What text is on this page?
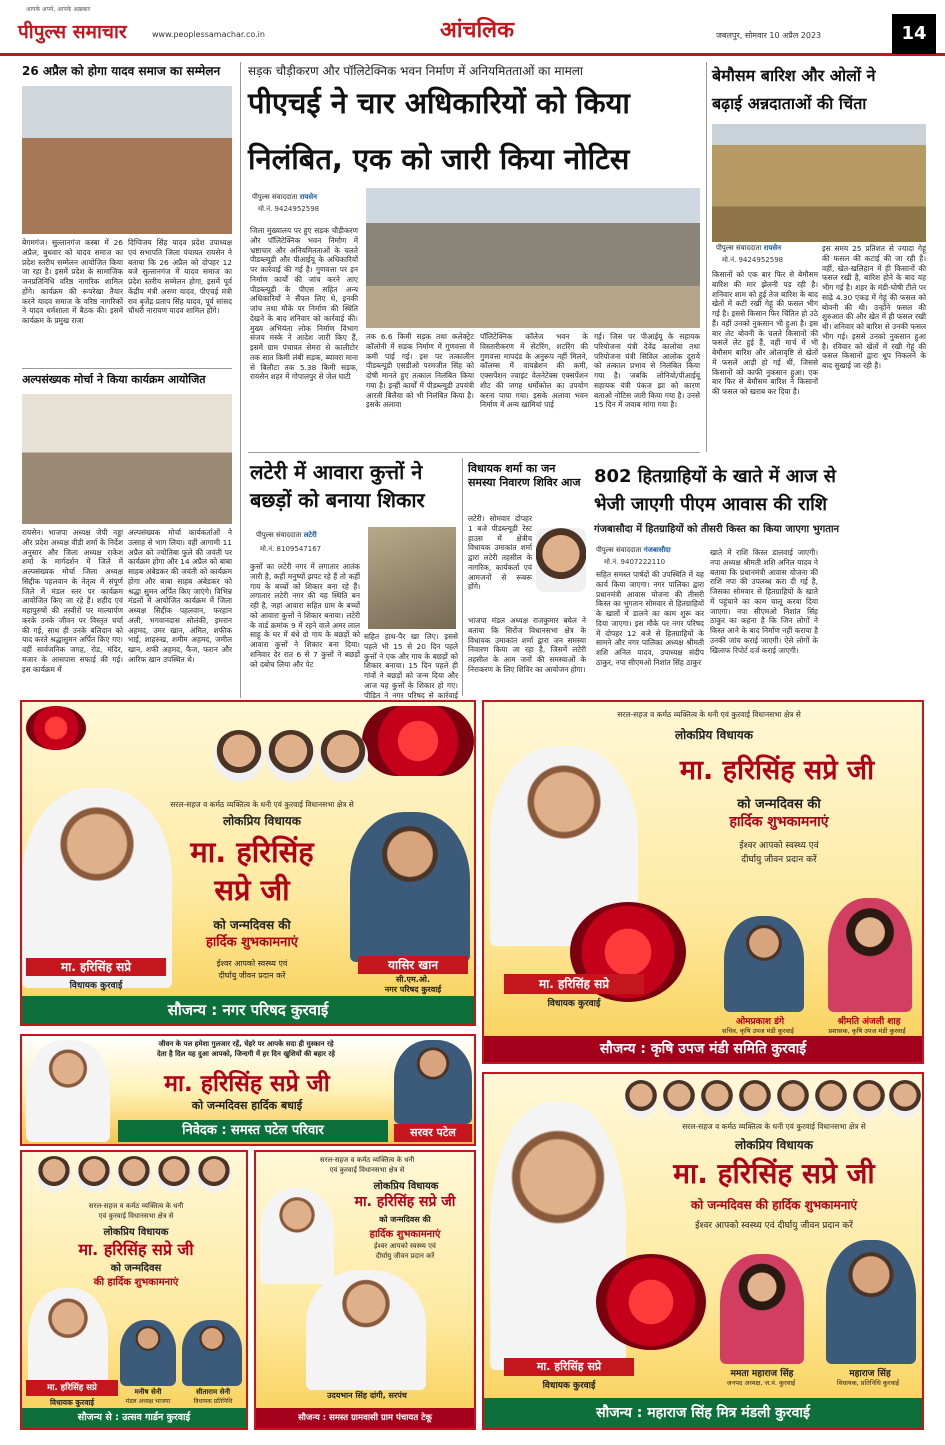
आपके अपने, आपके अख़बार
पीपुल्स समाचार	www.peoplessamachar.co.in	आंचलिक	जबलपुर, सोमवार 10 अप्रैल 2023	14
26 अप्रैल को होगा यादव समाज का सम्मेलन
बेगमगंज। सुल्तानगंज कस्बा में 26 अप्रैल, बुधवार को यादव समाज का प्रदेश स्तरीय सम्मेलन आयोजित किया जा रहा है। इसमें प्रदेश के सामाजिक जनप्रतिनिधि वरिष्ठ नागरिक शामिल होंगे। कार्यक्रम की रूपरेखा तैयार करने यादव समाज के वरिष्ठ नागरिकों ने यादव धर्मशाला में बैठक की। इसमें कार्यक्रम के प्रमुख राजा
दिग्विजय सिंह यादव प्रदेश उपाध्यक्ष एवं सभापति जिला पंचायत रायसेन ने बताया कि 26 अप्रैल को दोपहर 12 बजे सुल्तानगंज में यादव समाज का प्रदेश स्तरीय सम्मेलन होगा, इसमें पूर्व केंद्रीय मंत्री अरुण यादव, पीएचई मंत्री राव बृजेंद्र प्रताप सिंह यादव, पूर्व सांसद चौधरी नारायण यादव शामिल होंगे।
अल्पसंख्यक मोर्चा ने किया कार्यक्रम आयोजित
रायसेन। भाजपा अध्यक्ष जेपी नड्डा और प्रदेश अध्यक्ष वीडी शर्मा के निर्देश अनुसार और जिला अध्यक्ष राकेश शर्मा के मार्गदर्शन में जिले में अल्पसंख्यक मोर्चा जिला अध्यक्ष सिद्दीक पहलवान के नेतृत्व में संपूर्ण जिले में मंडल स्तर पर कार्यक्रम आयोजित किए जा रहे हैं। शहीद एवं महापुरुषों की तस्वीरों पर माल्यार्पण करके उनके जीवन पर विस्तृत चर्चा की गई, साथ ही उनके बलिदान को याद करते श्रद्धासुमन अर्पित किए गए। वहीं सार्वजनिक जगह, रोड, मंदिर, मजार के आसपास सफाई की गई। इस कार्यक्रम में
अल्पसंख्यक मोर्चा कार्यकर्ताओं ने उत्साह से भाग लिया। वहीं आगामी 11 अप्रैल को ज्योतिबा फुले की जयंती पर कार्यक्रम होगा और 14 अप्रैल को बाबा साहब अंबेडकर की जयंती को कार्यक्रम होगा और बाबा साहब अंबेडकर को श्रद्धा सुमन अर्पित किए जाएंगे। विभिन्न मंडलों में आयोजित कार्यक्रम में जिला अध्यक्ष सिद्दीक पहलवान, फरहान अली, भगवानदास सोलंकी, इमरान अहमद, उमर खान, अमित, शफीक भाई, शाहरुख, शमीम अहमद, जमील खान, शफी अहमद, फैज, फरान और आरिफ खान उपस्थित थे।
सड़क चौड़ीकरण और पॉलिटेक्निक भवन निर्माण में अनियमितताओं का मामला
पीएचई ने चार अधिकारियों को किया
निलंबित, एक को जारी किया नोटिस
पीपुल्स संवाददाता रायसेन
मो.नं. 9424952598
जिला मुख्यालय पर हुए सड़क चौड़ीकरण और पॉलिटेक्निक भवन निर्माण में भ्रष्टाचार और अनियमितताओं के चलते पीडब्ल्यूडी और पीआईयू के अधिकारियों पर कार्रवाई की गई है। गुणवत्ता पर इन निर्माण कार्यों की जांच करने आए पीडब्ल्यूडी के पीएस सहित अन्य अधिकारियों ने सैंपल लिए थे, इनकी जांच तथा मौके पर निर्माण की स्थिति देखने के बाद शनिवार को कार्रवाई की। मुख्य अभियंता लोक निर्माण विभाग संजय मस्के ने आदेश जारी किए हैं, इसमें ग्राम पंचायत सेमरा से कालीटोर तक सात किमी लंबी सड़क, ब्यावरा माना से बिलौटा तक 5.38 किमी सड़क, रायसेन शहर में गोपालपुर से जेल घाटी
तक 6.6 किमी सड़क तथा कलेक्ट्रेट कॉलोनी में सड़क निर्माण में गुणवत्ता में कमी पाई गई। इस पर तत्कालीन पीडब्ल्यूडी एसडीओ परमजीत सिंह को दोषी मानते हुए तत्काल निलंबित किया गया है। इन्हीं कार्यों में पीडब्ल्यूडी उपयंत्री आरती बिलैया को भी निलंबित किया है। इसके अलावा
पॉलिटेक्निक कॉलेज भवन के विस्तारीकरण में सेंटरिंग, शटरिंग की गुणवत्ता मापदंड के अनुरूप नहीं मिलने, कॉलम्स में वायब्रेशन की कमी, एक्सपेंशन ज्वाइंट वेलनेटेक्स एक्सपेंशन शीट की जगह थर्मोकोल का उपयोग करना पाया गया। इसके अलावा भवन निर्माण में अन्य खामियां पाई
गई। जिस पर पीआईयू के सहायक परियोजना यंत्री देवेंद्र कालोया तथा परियोजना यंत्री सिविल आलोक दूराये को तत्काल प्रभाव से निलंबित किया गया है। जबकि लोनियो/पीआईयू सहायक यंत्री पंकज झा को कारण बताओ नोटिस जारी किया गया है। उनसे 15 दिन में जवाब मांगा गया है।
लटेरी में आवारा कुत्तों ने
बछड़ों को बनाया शिकार
पीपुल्स संवाददाता लटेरी
मो.नं. 8109547167
कुत्तों का लटेरी नगर में लगातार आतंक जारी है, कहीं मनुष्यों झपट रहे हैं तो कहीं गाय के बच्चों को शिकार बना रहे हैं। लगातार लटेरी नगर की यह स्थिति बन रही है, जहां आवारा सहित ग्राम के बच्चों को आवारा कुत्तों ने शिकार बनाया। लटेरी के वार्ड क्रमांक 9 में रहने वाले अमर लाल साहू के घर में बंधे दो गाय के बछड़ों को आवारा कुत्तों ने शिकार बना दिया। शनिवार देर रात 6 से 7 कुत्तों ने बछड़ों को दबोच लिया और पेट
सहित हाथ-पैर खा लिए। इससे पहले भी 15 से 20 दिन पहले कुत्तों ने एक और गाय के बछड़ों को शिकार बनाया। 15 दिन पहले ही गांवों ने बछड़ों को जन्म दिया और आज यह कुत्तों के शिकार हो गए। पीड़ित ने नगर परिषद से कार्रवाई
विधायक शर्मा का जन समस्या निवारण शिविर आज
लटेरी। सोमवार दोपहर 1 बजे पीडब्ल्यूडी रेस्ट हाउस में क्षेत्रीय विधायक उमाकांत शर्मा द्वारा लटेरी तहसील के नागरिक, कार्यकर्ता एवं आमजनों से रूबरू होंगे।
भाजपा मंडल अध्यक्ष राजकुमार बघेल ने बताया कि सिरोंज विधानसभा क्षेत्र के विधायक उमाकांत शर्मा द्वारा जन समस्या निवारण किया जा रहा है, जिसमें लटेरी तहसील के आम जनों की समस्याओं के निराकरण के लिए शिविर का आयोजन होगा।
802 हितग्राहियों के खाते में आज से
भेजी जाएगी पीएम आवास की राशि
गंजबासौदा में हितग्राहियों को तीसरी किस्त का किया जाएगा भुगतान
पीपुल्स संवाददाता गंजबासौदा
मो.नं. 9407222110
सहित समस्त पार्षदों की उपस्थिति में यह कार्य किया जाएगा। नगर पालिका द्वारा प्रधानमंत्री आवास योजना की तीसरी किस्त का भुगतान सोमवार से हितग्राहियों के खातों में डालने का काम शुरू कर दिया जाएगा। इस मौके पर नगर परिषद में दोपहर 12 बजे से हितग्राहियों के सामने और नगर पालिका अध्यक्ष श्रीमती शशि अनिल यादव, उपाध्यक्ष संदीप ठाकुर, नपा सीएमओ निशांत सिंह ठाकुर
खाते में राशि किस्त डालवाई जाएगी। नपा अध्यक्ष श्रीमती शशि अनिल यादव ने बताया कि प्रधानमंत्री आवास योजना की राशि नपा की उपलब्ध करा दी गई है, जिसका सोमवार से हितग्राहियों के खाते में पहुंचाने का काम चालू करवा दिया जाएगा। नपा सीएमओ निशांत सिंह ठाकुर का कहना है कि जिन लोगों ने किस्त आने के बाद निर्माण नहीं कराया है उनकी जांच कराई जाएगी। ऐसे लोगों के खिलाफ रिपोर्ट दर्ज कराई जाएगी।
बेमौसम बारिश और ओलों ने
बढ़ाई अन्नदाताओं की चिंता
पीपुल्स संवाददाता रायसेन
मो.नं. 9424952598
किसानों को एक बार फिर से बेमौसम बारिश की मार झेलनी पड़ रही है। शनिवार शाम को हुई तेज बारिश के बाद खेतों में कटी रखी गेहूं की फसल भीग गई है। इससे किसान फिर चिंतित हो उठे हैं। वहीं उनको नुकसान भी हुआ है। इस बार लेट बोवनी के चलते किसानों की फसलें लेट हुई हैं, वहीं मार्च में भी बेमौसम बारिश और ओलावृष्टि से खेतों में फसलें आड़ी हो गई थीं, जिससे किसानों को काफी नुकसान हुआ। एक बार फिर से बेमौसम बारिश ने किसानों की फसल को खराब कर दिया है।
इस समय 25 प्रतिशत से ज्यादा गेहूं की फसल की कटाई की जा रही है। वहीं, खेत-खलिहान में ही किसानों की फसल रखी है, बारिश होने के बाद यह भीग गई है। शहर के मंडी-घोषी टीले पर साढ़े 4.30 एकड़ में गेहूं की फसल को बोवनी की थी। उन्होंने फसल की शुरुआत की और खेत में ही फसल रखी थी। शनिवार को बारिश से उनकी फसल भीग गई। इससे उनको नुकसान हुआ है। रविवार को खेतों में रखी गेहूं की फसल किसानों द्वारा धूप निकलने के बाद सुखाई जा रही है।
सरल-सहज व कर्मठ व्यक्तित्व के धनी एवं कुरवाई विधानसभा क्षेत्र से
लोकप्रिय विधायक
मा. हरिसिंह
सप्रे जी
को जन्मदिवस की
हार्दिक शुभकामनाएं
ईश्वर आपको स्वस्थ्य एवं
दीर्घायु जीवन प्रदान करें
मा. हरिसिंह सप्रे
विधायक कुरवाई
यासिर खान
सी.एम.ओ.
नगर परिषद कुरवाई
सौजन्य : नगर परिषद कुरवाई
सरल-सहज व कर्मठ व्यक्तित्व के धनी एवं कुरवाई विधानसभा क्षेत्र से
लोकप्रिय विधायक
मा. हरिसिंह सप्रे जी
को जन्मदिवस की
हार्दिक शुभकामनाएं
ईश्वर आपको स्वस्थ्य एवं
दीर्घायु जीवन प्रदान करें
मा. हरिसिंह सप्रे
विधायक कुरवाई
ओमप्रकाश डंगे
सचिव, कृषि उपज मंडी कुरवाई
श्रीमति अंजली शाह
प्रशासक, कृषि उपज मंडी कुरवाई
सौजन्य : कृषि उपज मंडी समिति कुरवाई
जीवन के पल हमेशा गुलजार रहें, चेहरे पर आपके सदा ही मुस्कान रहे
देता है दिल यह दुआ आपको, जिन्दगी में हर दिन खुशियों की बहार रहे
मा. हरिसिंह सप्रे जी
को जन्मदिवस हार्दिक बधाई
निवेदक : समस्त पटेल परिवार	सरवर पटेल
सरल-सहज व कर्मठ व्यक्तित्व के धनी
एवं कुरवाई विधानसभा क्षेत्र से
लोकप्रिय विधायक
मा. हरिसिंह सप्रे जी
को जन्मदिवस
की हार्दिक शुभकामनाएं
मा. हरिसिंह सप्रे
विधायक कुरवाई
मनीष सेनी
मंडल अध्यक्ष भाजपा
सीताराम सेनी
विधायक प्रतिनिधि
सौजन्य से : उत्सव गार्डन कुरवाई
सरल-सहज व कर्मठ व्यक्तित्व के धनी
एवं कुरवाई विधानसभा क्षेत्र से
लोकप्रिय विधायक
मा. हरिसिंह सप्रे जी
को जन्मदिवस की
हार्दिक शुभकामनाएं
ईश्वर आपको स्वस्थ्य एवं
दीर्घायु जीवन प्रदान करें
उदयभान सिंह दांगी, सरपंच
सौजन्य : समस्त ग्रामवासी ग्राम पंचायत टेकू
सरल-सहज व कर्मठ व्यक्तित्व के धनी एवं कुरवाई विधानसभा क्षेत्र से
लोकप्रिय विधायक
मा. हरिसिंह सप्रे जी
को जन्मदिवस की हार्दिक शुभकामनाएं
ईश्वर आपको स्वस्थ्य एवं दीर्घायु जीवन प्रदान करें
मा. हरिसिंह सप्रे
विधायक कुरवाई
ममता महाराज सिंह
जनपद अध्यक्ष, ज.पं. कुरवाई
महाराज सिंह
विधायक, प्रतिनिधि कुरवाई
सौजन्य : महाराज सिंह मित्र मंडली कुरवाई
